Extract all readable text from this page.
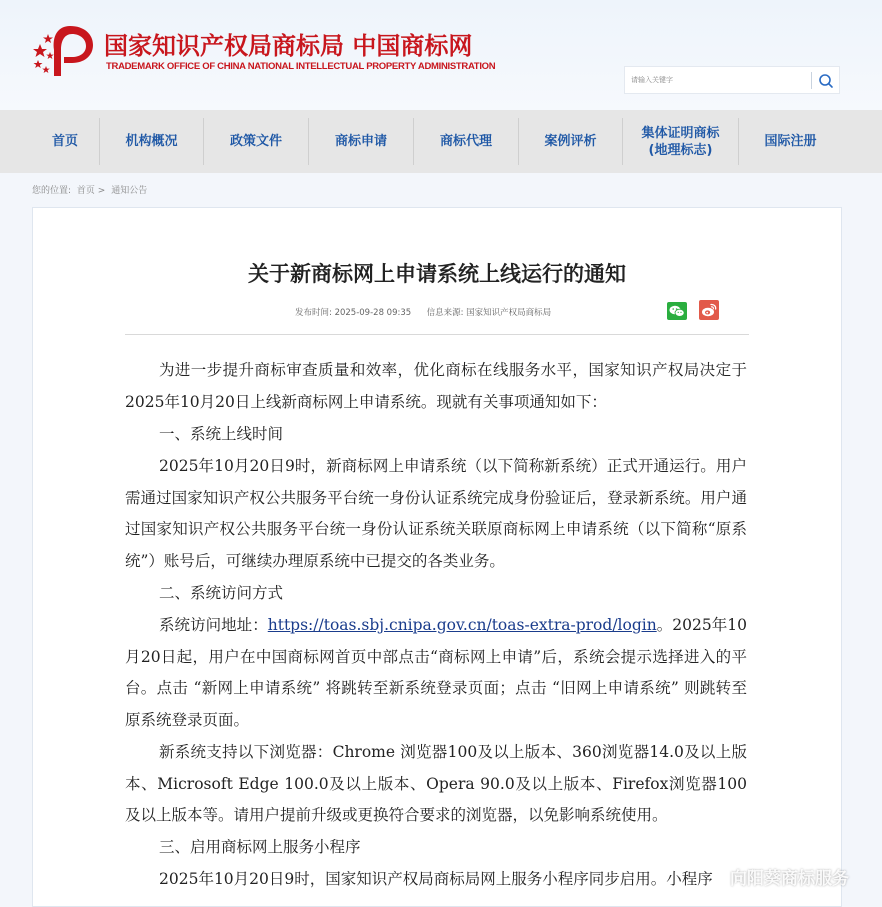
国家知识产权局商标局 中国商标网
TRADEMARK OFFICE OF CHINA NATIONAL INTELLECTUAL PROPERTY ADMINISTRATION
请输入关键字
首页	机构概况	政策文件	商标申请	商标代理	案例评析
集体证明商标
(地理标志)
国际注册
您的位置: 首页 > 通知公告
关于新商标网上申请系统上线运行的通知
发布时间: 2025-09-28 09:35 信息来源: 国家知识产权局商标局
为进一步提升商标审查质量和效率，优化商标在线服务水平，国家知识产权局决定于2025年10月20日上线新商标网上申请系统。现就有关事项通知如下：
一、系统上线时间
2025年10月20日9时，新商标网上申请系统（以下简称新系统）正式开通运行。用户需通过国家知识产权公共服务平台统一身份认证系统完成身份验证后，登录新系统。用户通过国家知识产权公共服务平台统一身份认证系统关联原商标网上申请系统（以下简称“原系统”）账号后，可继续办理原系统中已提交的各类业务。
二、系统访问方式
系统访问地址：https://toas.sbj.cnipa.gov.cn/toas-extra-prod/login。2025年10月20日起，用户在中国商标网首页中部点击“商标网上申请”后，系统会提示选择进入的平台。点击 “新网上申请系统” 将跳转至新系统登录页面；点击 “旧网上申请系统” 则跳转至原系统登录页面。
新系统支持以下浏览器：Chrome 浏览器100及以上版本、360浏览器14.0及以上版本、Microsoft Edge 100.0及以上版本、Opera 90.0及以上版本、Firefox浏览器100及以上版本等。请用户提前升级或更换符合要求的浏览器，以免影响系统使用。
三、启用商标网上服务小程序
2025年10月20日9时，国家知识产权局商标局网上服务小程序同步启用。小程序	向阳葵商标服务
